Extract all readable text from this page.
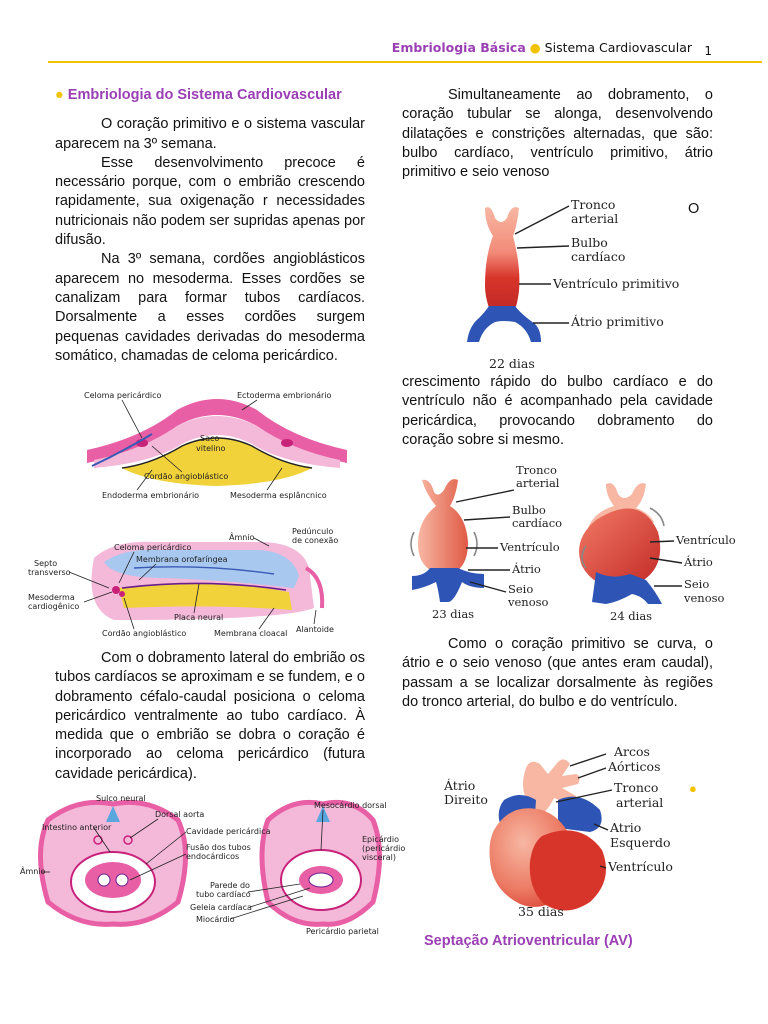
Embriologia Básica ● Sistema Cardiovascular 1

● Embriologia do Sistema Cardiovascular

O coração primitivo e o sistema vascular aparecem na 3º semana.

Esse desenvolvimento precoce é necessário porque, com o embrião crescendo rapidamente, sua oxigenação r necessidades nutricionais não podem ser supridas apenas por difusão.

Na 3º semana, cordões angioblásticos aparecem no mesoderma. Esses cordões se canalizam para formar tubos cardíacos. Dorsalmente a esses cordões surgem pequenas cavidades derivadas do mesoderma somático, chamadas de celoma pericárdico.

Celoma pericárdico	Ectoderma embrionário
Saco
vitelino
Cordão angioblástico
Endoderma embrionário	Mesoderma esplâncnico
Âmnio
Pedúnculo
de conexão
Celoma pericárdico
Membrana orofaríngea
Septo
transverso
Mesoderma
cardiogênico
Placa neural
Cordão angioblástico	Membrana cloacal Alantoide

Com o dobramento lateral do embrião os tubos cardíacos se aproximam e se fundem, e o dobramento céfalo-caudal posiciona o celoma pericárdico ventralmente ao tubo cardíaco. À medida que o embrião se dobra o coração é incorporado ao celoma pericárdico (futura cavidade pericárdica).

Sulco neural
Dorsal aorta
Mesocárdio dorsal
Intestino anterior	Cavidade pericárdica
Fusão dos tubos
endocárdicos
Epicárdio
(pericárdio
visceral)
Âmnio
Parede do
tubo cardíaco
Geleia cardíaca
Miocárdio
Pericárdio parietal

Simultaneamente ao dobramento, o coração tubular se alonga, desenvolvendo dilatações e constrições alternadas, que são: bulbo cardíaco, ventrículo primitivo, átrio primitivo e seio venoso

O
Tronco
arterial
Bulbo
cardíaco
Ventrículo primitivo
Átrio primitivo
22 dias

crescimento rápido do bulbo cardíaco e do ventrículo não é acompanhado pela cavidade pericárdica, provocando dobramento do coração sobre si mesmo.

Tronco
arterial
Bulbo
cardíaco
Ventrículo
Átrio
Seio
venoso
23 dias
Ventrículo
Átrio
Seio
venoso
24 dias

Como o coração primitivo se curva, o átrio e o seio venoso (que antes eram caudal), passam a se localizar dorsalmente às regiões do tronco arterial, do bulbo e do ventrículo.

Arcos
Aórticos
Átrio
Direito
Tronco
arterial
Atrio
Esquerdo
Ventrículo
35 dias
●
Septação Atrioventricular (AV)
